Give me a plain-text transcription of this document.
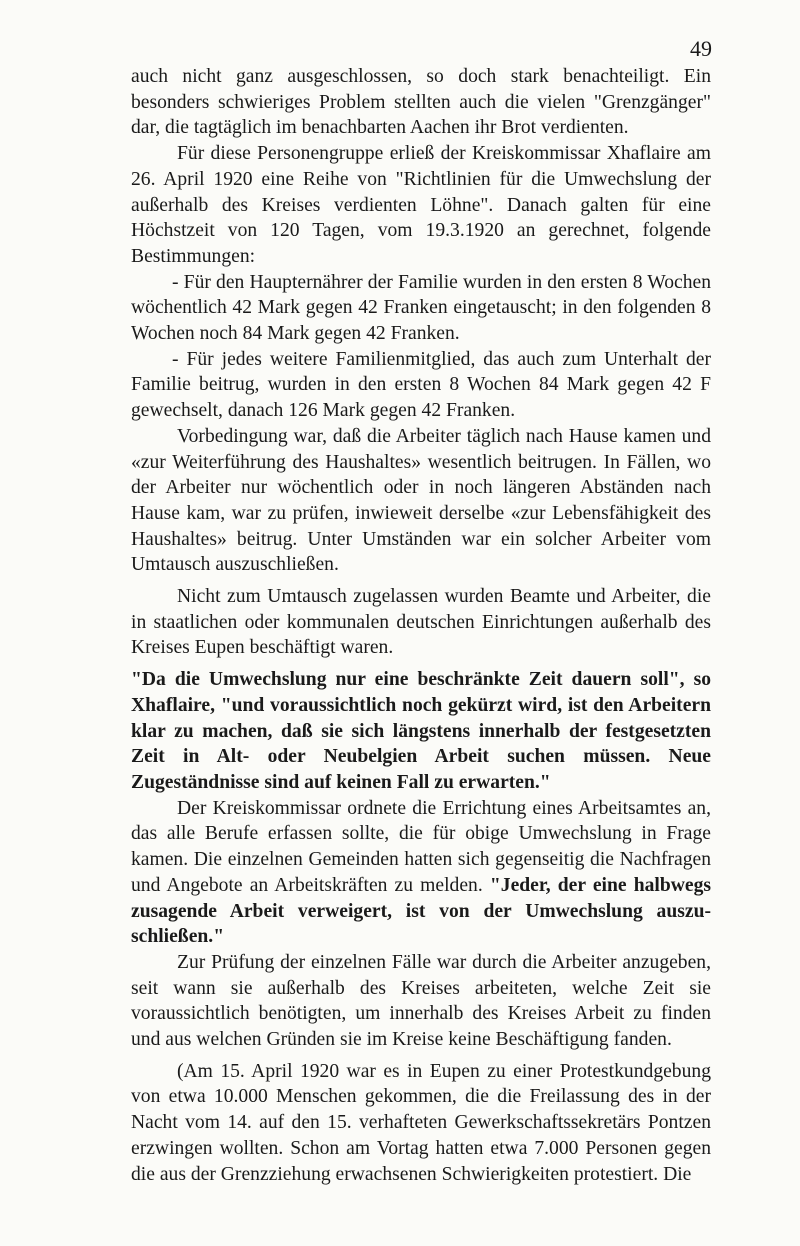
49

auch nicht ganz ausgeschlossen, so doch stark benachteiligt. Ein besonders schwieriges Problem stellten auch die vielen "Grenzgänger" dar, die tagtäglich im benachbarten Aachen ihr Brot verdienten.

Für diese Personengruppe erließ der Kreiskommissar Xhaflaire am 26. April 1920 eine Reihe von "Richtlinien für die Umwechslung der außerhalb des Kreises verdienten Löhne". Danach galten für eine Höchstzeit von 120 Tagen, vom 19.3.1920 an gerechnet, folgende Bestimmungen:

- Für den Haupternährer der Familie wurden in den ersten 8 Wochen wöchentlich 42 Mark gegen 42 Franken eingetauscht; in den folgenden 8 Wochen noch 84 Mark gegen 42 Franken.

- Für jedes weitere Familienmitglied, das auch zum Unterhalt der Familie beitrug, wurden in den ersten 8 Wochen 84 Mark gegen 42 F gewechselt, danach 126 Mark gegen 42 Franken.

Vorbedingung war, daß die Arbeiter täglich nach Hause kamen und «zur Weiterführung des Haushaltes» wesentlich beitrugen. In Fällen, wo der Arbeiter nur wöchentlich oder in noch längeren Abständen nach Hause kam, war zu prüfen, inwieweit derselbe «zur Lebensfähigkeit des Haushaltes» beitrug. Unter Umständen war ein solcher Arbeiter vom Umtausch auszuschließen.

Nicht zum Umtausch zugelassen wurden Beamte und Arbeiter, die in staatlichen oder kommunalen deutschen Einrichtungen außerhalb des Kreises Eupen beschäftigt waren.

"Da die Umwechslung nur eine beschränkte Zeit dauern soll", so Xhaflaire, "und voraussichtlich noch gekürzt wird, ist den Arbeitern klar zu machen, daß sie sich längstens innerhalb der festgesetzten Zeit in Alt- oder Neubelgien Arbeit suchen müssen. Neue Zugeständnisse sind auf keinen Fall zu erwarten."

Der Kreiskommissar ordnete die Errichtung eines Arbeitsamtes an, das alle Berufe erfassen sollte, die für obige Umwechslung in Frage kamen. Die einzelnen Gemeinden hatten sich gegenseitig die Nachfragen und Angebote an Arbeitskräften zu melden. "Jeder, der eine halbwegs zusagende Arbeit verweigert, ist von der Umwechslung auszu-schließen."

Zur Prüfung der einzelnen Fälle war durch die Arbeiter anzugeben, seit wann sie außerhalb des Kreises arbeiteten, welche Zeit sie voraussichtlich benötigten, um innerhalb des Kreises Arbeit zu finden und aus welchen Gründen sie im Kreise keine Beschäftigung fanden.

(Am 15. April 1920 war es in Eupen zu einer Protestkundgebung von etwa 10.000 Menschen gekommen, die die Freilassung des in der Nacht vom 14. auf den 15. verhafteten Gewerkschaftssekretärs Pontzen erzwingen wollten. Schon am Vortag hatten etwa 7.000 Personen gegen die aus der Grenzziehung erwachsenen Schwierigkeiten protestiert. Die
